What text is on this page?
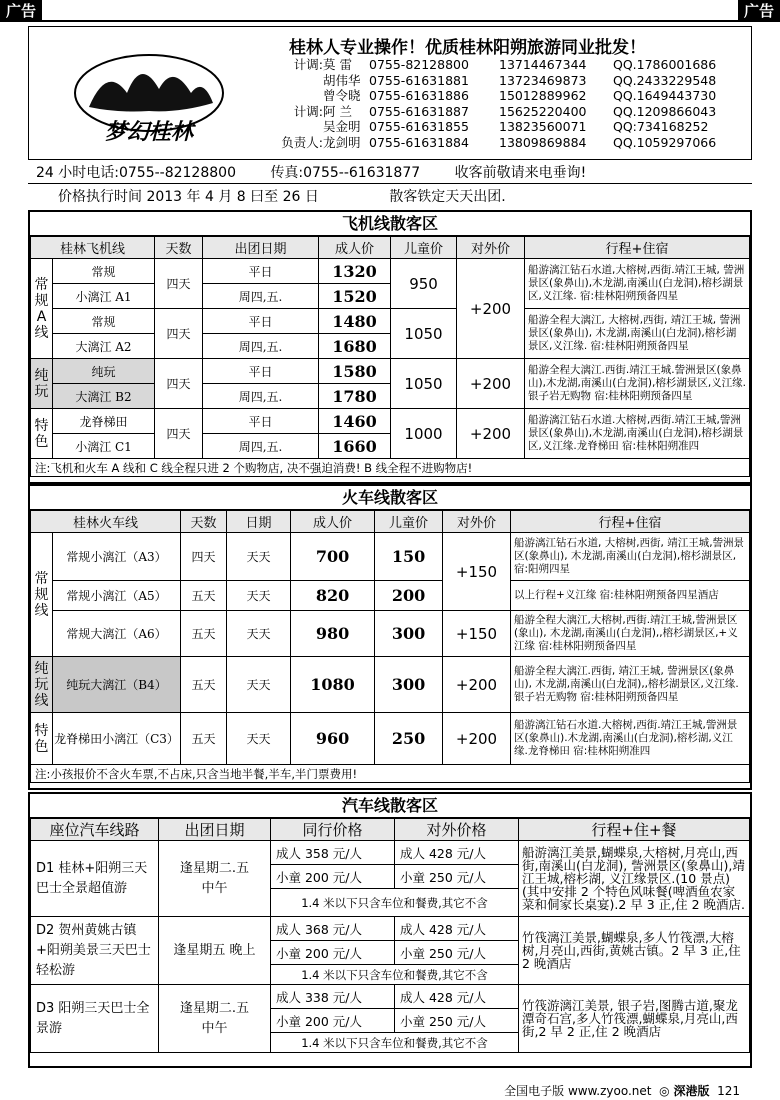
广告	广告
梦幻桂林
桂林人专业操作！优质桂林阳朔旅游同业批发！
计调: 莫 雷	0755-82128800	13714467344	QQ.1786001686
胡伟华 0755-61631881	13723469873	QQ.2433229548
曾令晓 0755-61631886	15012889962	QQ.1649443730
计调: 阿 兰	0755-61631887	15625220400	QQ.1209866043
吴金明 0755-61631855	13823560071	QQ:734168252
负责人: 龙剑明 0755-61631884	13809869884	QQ.1059297066
24 小时电话:0755--82128800 传真:0755--61631877 收客前敬请来电垂询!
价格执行时间 2013 年 4 月 8 曰至 26 日	散客铁定天天出团.
飞机线散客区
桂林飞机线		天数	出团日期	成人价	儿童价	对外价	行程+住宿
常规A线	常规	四天	平日	1320	950	+200	船游漓江钻石水道,大榕树,西街.靖江王城, 訾洲景区(象鼻山),木龙湖,南溪山(白龙洞),榕杉湖景区,义江缘. 宿:桂林阳朔预备四星
	小漓江 A1		周四,五.	1520			

	常规	四天	平日	1480	1050		船游全程大漓江, 大榕树,西街, 靖江王城, 訾洲景区(象鼻山), 木龙湖,南溪山(白龙洞),榕杉湖景区,义江缘. 宿:桂林阳朔预备四星
	大漓江 A2		周四,五.	1680			
纯玩	纯玩	四天	平日	1580	1050	+200	船游全程大漓江.西街.靖江王城.訾洲景区(象鼻山),木龙湖,南溪山(白龙洞),榕杉湖景区,义江缘.银子岩无购物 宿:桂林阳朔预备四星
	大漓江 B2		周四,五.	1780			
特色	龙脊梯田	四天	平日	1460	1000	+200	船游漓江钻石水道.大榕树,西街.靖江王城,訾洲景区(象鼻山),木龙湖,南溪山(白龙洞),榕杉湖景区,义江缘.龙脊梯田 宿:桂林阳朔准四
	小漓江 C1		周四,五.	1660			
注:飞机和火车 A 线和 C 线全程只进 2 个购物店, 决不强迫消费! B 线全程不进购物店!							
火车线散客区
桂林火车线		天数	日期	成人价	儿童价	对外价	行程+住宿
常规线	常规小漓江（A3）	四天	天天	700	150	+150	船游漓江钻石水道, 大榕树,西街, 靖江王城,訾洲景区(象鼻山), 木龙湖,南溪山(白龙洞),榕杉湖景区, 宿:阳朔四星
	常规小漓江（A5）	五天	天天	820	200		以上行程+义江缘 宿:桂林阳朔预备四星酒店
	常规大漓江（A6）	五天	天天	980	300	+150	船游全程大漓江,大榕树,西街.靖江王城,訾洲景区(象山), 木龙湖,南溪山(白龙洞),,榕杉湖景区,+义江缘 宿:桂林阳朔预备四星
纯玩线	纯玩大漓江（B4）	五天	天天	1080	300	+200	船游全程大漓江.西街, 靖江王城, 訾洲景区(象鼻山), 木龙湖,南溪山(白龙洞),,榕杉湖景区,义江缘.银子岩无购物 宿:桂林阳朔预备四星
特色	龙脊梯田小漓江（C3）	五天	天天	960	250	+200	船游漓江钻石水道.大榕树,西街.靖江王城,訾洲景区(象鼻山).木龙湖,南溪山(白龙洞),榕杉湖,义江缘.龙脊梯田 宿:桂林阳朔准四
注:小孩报价不含火车票,不占床,只含当地半餐,半车,半门票费用!							
汽车线散客区
座位汽车线路	出团日期	同行价格	对外价格	行程+住+餐
D1 桂林+阳朔三天巴士全景超值游	逢星期二.五 中午	成人 358 元/人	成人 428 元/人	船游漓江美景,蝴蝶泉,大榕树,月亮山,西街,南溪山(白龙洞), 訾洲景区(象鼻山),靖江王城,榕杉湖, 义江缘景区.(10 景点)(其中安排 2 个特色风味餐(啤酒鱼农家菜和侗家长桌宴).2 早 3 正,住 2 晚酒店.
		小童 200 元/人	小童 250 元/人	
		1.4 米以下只含车位和餐费,其它不含		
D2 贺州黄姚古镇+阳朔美景三天巴士轻松游	逢星期五 晚上	成人 368 元/人	成人 428 元/人	竹筏漓江美景,蝴蝶泉,多人竹筏漂,大榕树,月亮山,西街,黄姚古镇。2 早 3 正,住 2 晚酒店
		小童 200 元/人	小童 250 元/人	
		1.4 米以下只含车位和餐费,其它不含		
D3 阳朔三天巴士全景游	逢星期二.五 中午	成人 338 元/人	成人 428 元/人	竹筏游漓江美景, 银子岩,图腾古道,聚龙潭奇石宫,多人竹筏漂,蝴蝶泉,月亮山,西街,2 早 2 正,住 2 晚酒店
		小童 200 元/人	小童 250 元/人	
		1.4 米以下只含车位和餐费,其它不含		
全国电子版 www.zyoo.net ◎ 深港版 121
